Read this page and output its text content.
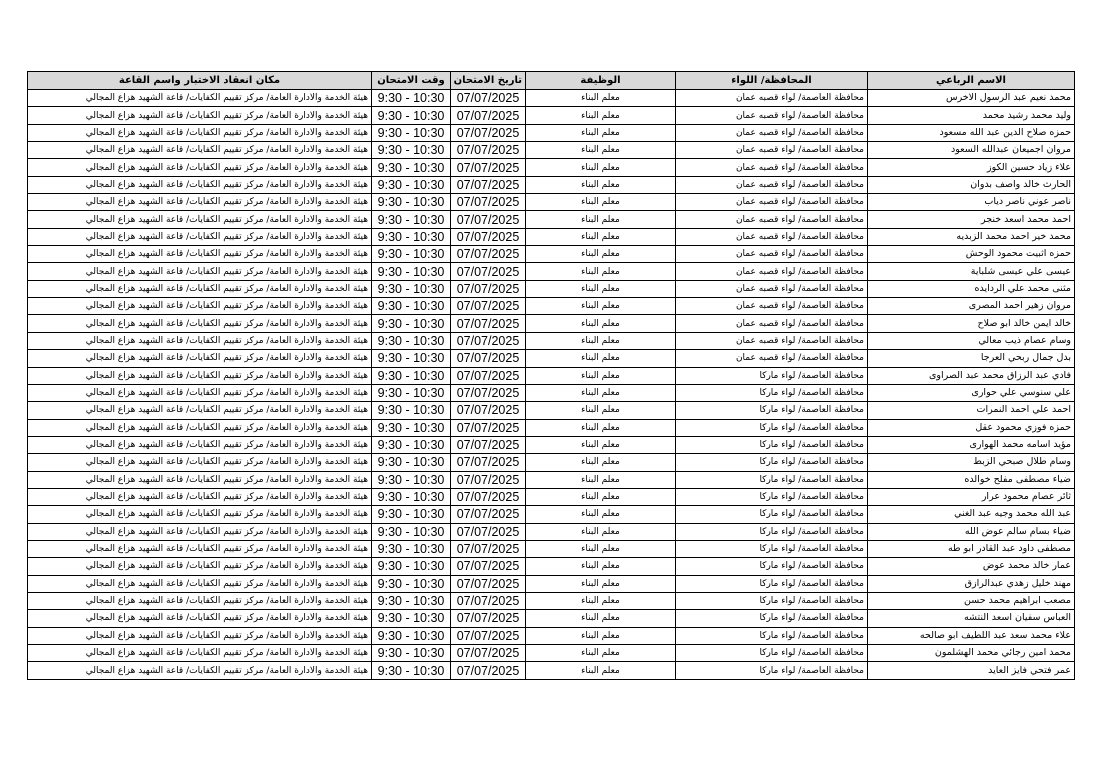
الاسم الرباعي	المحافظة/ اللواء	الوظيفة	تاريخ الامتحان	وقت الامتحان	مكان انعقاد الاختبار واسم القاعة
محمد نعيم عبد الرسول الاخرس	محافظة العاصمة/ لواء قصبه عمان	معلم البناء	07/07/2025	9:30 - 10:30	هيئة الخدمة والادارة العامة/ مركز تقييم الكفايات/ قاعة الشهيد هزاع المجالي
وليد محمد رشيد محمد	محافظة العاصمة/ لواء قصبه عمان	معلم البناء	07/07/2025	9:30 - 10:30	هيئة الخدمة والادارة العامة/ مركز تقييم الكفايات/ قاعة الشهيد هزاع المجالي
حمزه صلاح الدين عبد الله مسعود	محافظة العاصمة/ لواء قصبه عمان	معلم البناء	07/07/2025	9:30 - 10:30	هيئة الخدمة والادارة العامة/ مركز تقييم الكفايات/ قاعة الشهيد هزاع المجالي
مروان اجميعان عبدالله السعود	محافظة العاصمة/ لواء قصبه عمان	معلم البناء	07/07/2025	9:30 - 10:30	هيئة الخدمة والادارة العامة/ مركز تقييم الكفايات/ قاعة الشهيد هزاع المجالي
علاء زياد حسين الكوز	محافظة العاصمة/ لواء قصبه عمان	معلم البناء	07/07/2025	9:30 - 10:30	هيئة الخدمة والادارة العامة/ مركز تقييم الكفايات/ قاعة الشهيد هزاع المجالي
الحارث خالد واصف بدوان	محافظة العاصمة/ لواء قصبه عمان	معلم البناء	07/07/2025	9:30 - 10:30	هيئة الخدمة والادارة العامة/ مركز تقييم الكفايات/ قاعة الشهيد هزاع المجالي
ناصر عوني ناصر دياب	محافظة العاصمة/ لواء قصبه عمان	معلم البناء	07/07/2025	9:30 - 10:30	هيئة الخدمة والادارة العامة/ مركز تقييم الكفايات/ قاعة الشهيد هزاع المجالي
احمد محمد اسعد خنجر	محافظة العاصمة/ لواء قصبه عمان	معلم البناء	07/07/2025	9:30 - 10:30	هيئة الخدمة والادارة العامة/ مركز تقييم الكفايات/ قاعة الشهيد هزاع المجالي
محمد خير احمد محمد الزبديه	محافظة العاصمة/ لواء قصبه عمان	معلم البناء	07/07/2025	9:30 - 10:30	هيئة الخدمة والادارة العامة/ مركز تقييم الكفايات/ قاعة الشهيد هزاع المجالي
حمزه اثبيت محمود الوحش	محافظة العاصمة/ لواء قصبه عمان	معلم البناء	07/07/2025	9:30 - 10:30	هيئة الخدمة والادارة العامة/ مركز تقييم الكفايات/ قاعة الشهيد هزاع المجالي
عيسى علي عيسى شلباية	محافظة العاصمة/ لواء قصبه عمان	معلم البناء	07/07/2025	9:30 - 10:30	هيئة الخدمة والادارة العامة/ مركز تقييم الكفايات/ قاعة الشهيد هزاع المجالي
مثنى محمد علي الردايده	محافظة العاصمة/ لواء قصبه عمان	معلم البناء	07/07/2025	9:30 - 10:30	هيئة الخدمة والادارة العامة/ مركز تقييم الكفايات/ قاعة الشهيد هزاع المجالي
مروان زهير احمد المصرى	محافظة العاصمة/ لواء قصبه عمان	معلم البناء	07/07/2025	9:30 - 10:30	هيئة الخدمة والادارة العامة/ مركز تقييم الكفايات/ قاعة الشهيد هزاع المجالي
خالد ايمن خالد ابو صلاح	محافظة العاصمة/ لواء قصبه عمان	معلم البناء	07/07/2025	9:30 - 10:30	هيئة الخدمة والادارة العامة/ مركز تقييم الكفايات/ قاعة الشهيد هزاع المجالي
وسام عصام ذيب معالي	محافظة العاصمة/ لواء قصبه عمان	معلم البناء	07/07/2025	9:30 - 10:30	هيئة الخدمة والادارة العامة/ مركز تقييم الكفايات/ قاعة الشهيد هزاع المجالي
بدل جمال ربحي العرجا	محافظة العاصمة/ لواء قصبه عمان	معلم البناء	07/07/2025	9:30 - 10:30	هيئة الخدمة والادارة العامة/ مركز تقييم الكفايات/ قاعة الشهيد هزاع المجالي
فادي عبد الرزاق محمد عبد الصراوى	محافظة العاصمة/ لواء ماركا	معلم البناء	07/07/2025	9:30 - 10:30	هيئة الخدمة والادارة العامة/ مركز تقييم الكفايات/ قاعة الشهيد هزاع المجالي
علي سنوسي علي حوارى	محافظة العاصمة/ لواء ماركا	معلم البناء	07/07/2025	9:30 - 10:30	هيئة الخدمة والادارة العامة/ مركز تقييم الكفايات/ قاعة الشهيد هزاع المجالي
احمد علي احمد النمرات	محافظة العاصمة/ لواء ماركا	معلم البناء	07/07/2025	9:30 - 10:30	هيئة الخدمة والادارة العامة/ مركز تقييم الكفايات/ قاعة الشهيد هزاع المجالي
حمزه فوزي محمود عقل	محافظة العاصمة/ لواء ماركا	معلم البناء	07/07/2025	9:30 - 10:30	هيئة الخدمة والادارة العامة/ مركز تقييم الكفايات/ قاعة الشهيد هزاع المجالي
مؤيد اسامه محمد الهوارى	محافظة العاصمة/ لواء ماركا	معلم البناء	07/07/2025	9:30 - 10:30	هيئة الخدمة والادارة العامة/ مركز تقييم الكفايات/ قاعة الشهيد هزاع المجالي
وسام طلال صبحي الزبط	محافظة العاصمة/ لواء ماركا	معلم البناء	07/07/2025	9:30 - 10:30	هيئة الخدمة والادارة العامة/ مركز تقييم الكفايات/ قاعة الشهيد هزاع المجالي
ضياء مصطفى مفلح خوالده	محافظة العاصمة/ لواء ماركا	معلم البناء	07/07/2025	9:30 - 10:30	هيئة الخدمة والادارة العامة/ مركز تقييم الكفايات/ قاعة الشهيد هزاع المجالي
ثائر عصام محمود عرار	محافظة العاصمة/ لواء ماركا	معلم البناء	07/07/2025	9:30 - 10:30	هيئة الخدمة والادارة العامة/ مركز تقييم الكفايات/ قاعة الشهيد هزاع المجالي
عبد الله محمد وجيه عبد الغني	محافظة العاصمة/ لواء ماركا	معلم البناء	07/07/2025	9:30 - 10:30	هيئة الخدمة والادارة العامة/ مركز تقييم الكفايات/ قاعة الشهيد هزاع المجالي
ضياء بسام سالم عوض الله	محافظة العاصمة/ لواء ماركا	معلم البناء	07/07/2025	9:30 - 10:30	هيئة الخدمة والادارة العامة/ مركز تقييم الكفايات/ قاعة الشهيد هزاع المجالي
مصطفى داود عبد القادر ابو طه	محافظة العاصمة/ لواء ماركا	معلم البناء	07/07/2025	9:30 - 10:30	هيئة الخدمة والادارة العامة/ مركز تقييم الكفايات/ قاعة الشهيد هزاع المجالي
عمار خالد محمد عوض	محافظة العاصمة/ لواء ماركا	معلم البناء	07/07/2025	9:30 - 10:30	هيئة الخدمة والادارة العامة/ مركز تقييم الكفايات/ قاعة الشهيد هزاع المجالي
مهند خليل زهدي عبدالرازق	محافظة العاصمة/ لواء ماركا	معلم البناء	07/07/2025	9:30 - 10:30	هيئة الخدمة والادارة العامة/ مركز تقييم الكفايات/ قاعة الشهيد هزاع المجالي
مصعب ابراهيم محمد حسن	محافظة العاصمة/ لواء ماركا	معلم البناء	07/07/2025	9:30 - 10:30	هيئة الخدمة والادارة العامة/ مركز تقييم الكفايات/ قاعة الشهيد هزاع المجالي
العباس سفيان اسعد النتشه	محافظة العاصمة/ لواء ماركا	معلم البناء	07/07/2025	9:30 - 10:30	هيئة الخدمة والادارة العامة/ مركز تقييم الكفايات/ قاعة الشهيد هزاع المجالي
علاء محمد سعد عبد اللطيف ابو صالحه	محافظة العاصمة/ لواء ماركا	معلم البناء	07/07/2025	9:30 - 10:30	هيئة الخدمة والادارة العامة/ مركز تقييم الكفايات/ قاعة الشهيد هزاع المجالي
محمد امين رجائي محمد الهشلمون	محافظة العاصمة/ لواء ماركا	معلم البناء	07/07/2025	9:30 - 10:30	هيئة الخدمة والادارة العامة/ مركز تقييم الكفايات/ قاعة الشهيد هزاع المجالي
عمر فتحي فايز العايد	محافظة العاصمة/ لواء ماركا	معلم البناء	07/07/2025	9:30 - 10:30	هيئة الخدمة والادارة العامة/ مركز تقييم الكفايات/ قاعة الشهيد هزاع المجالي
